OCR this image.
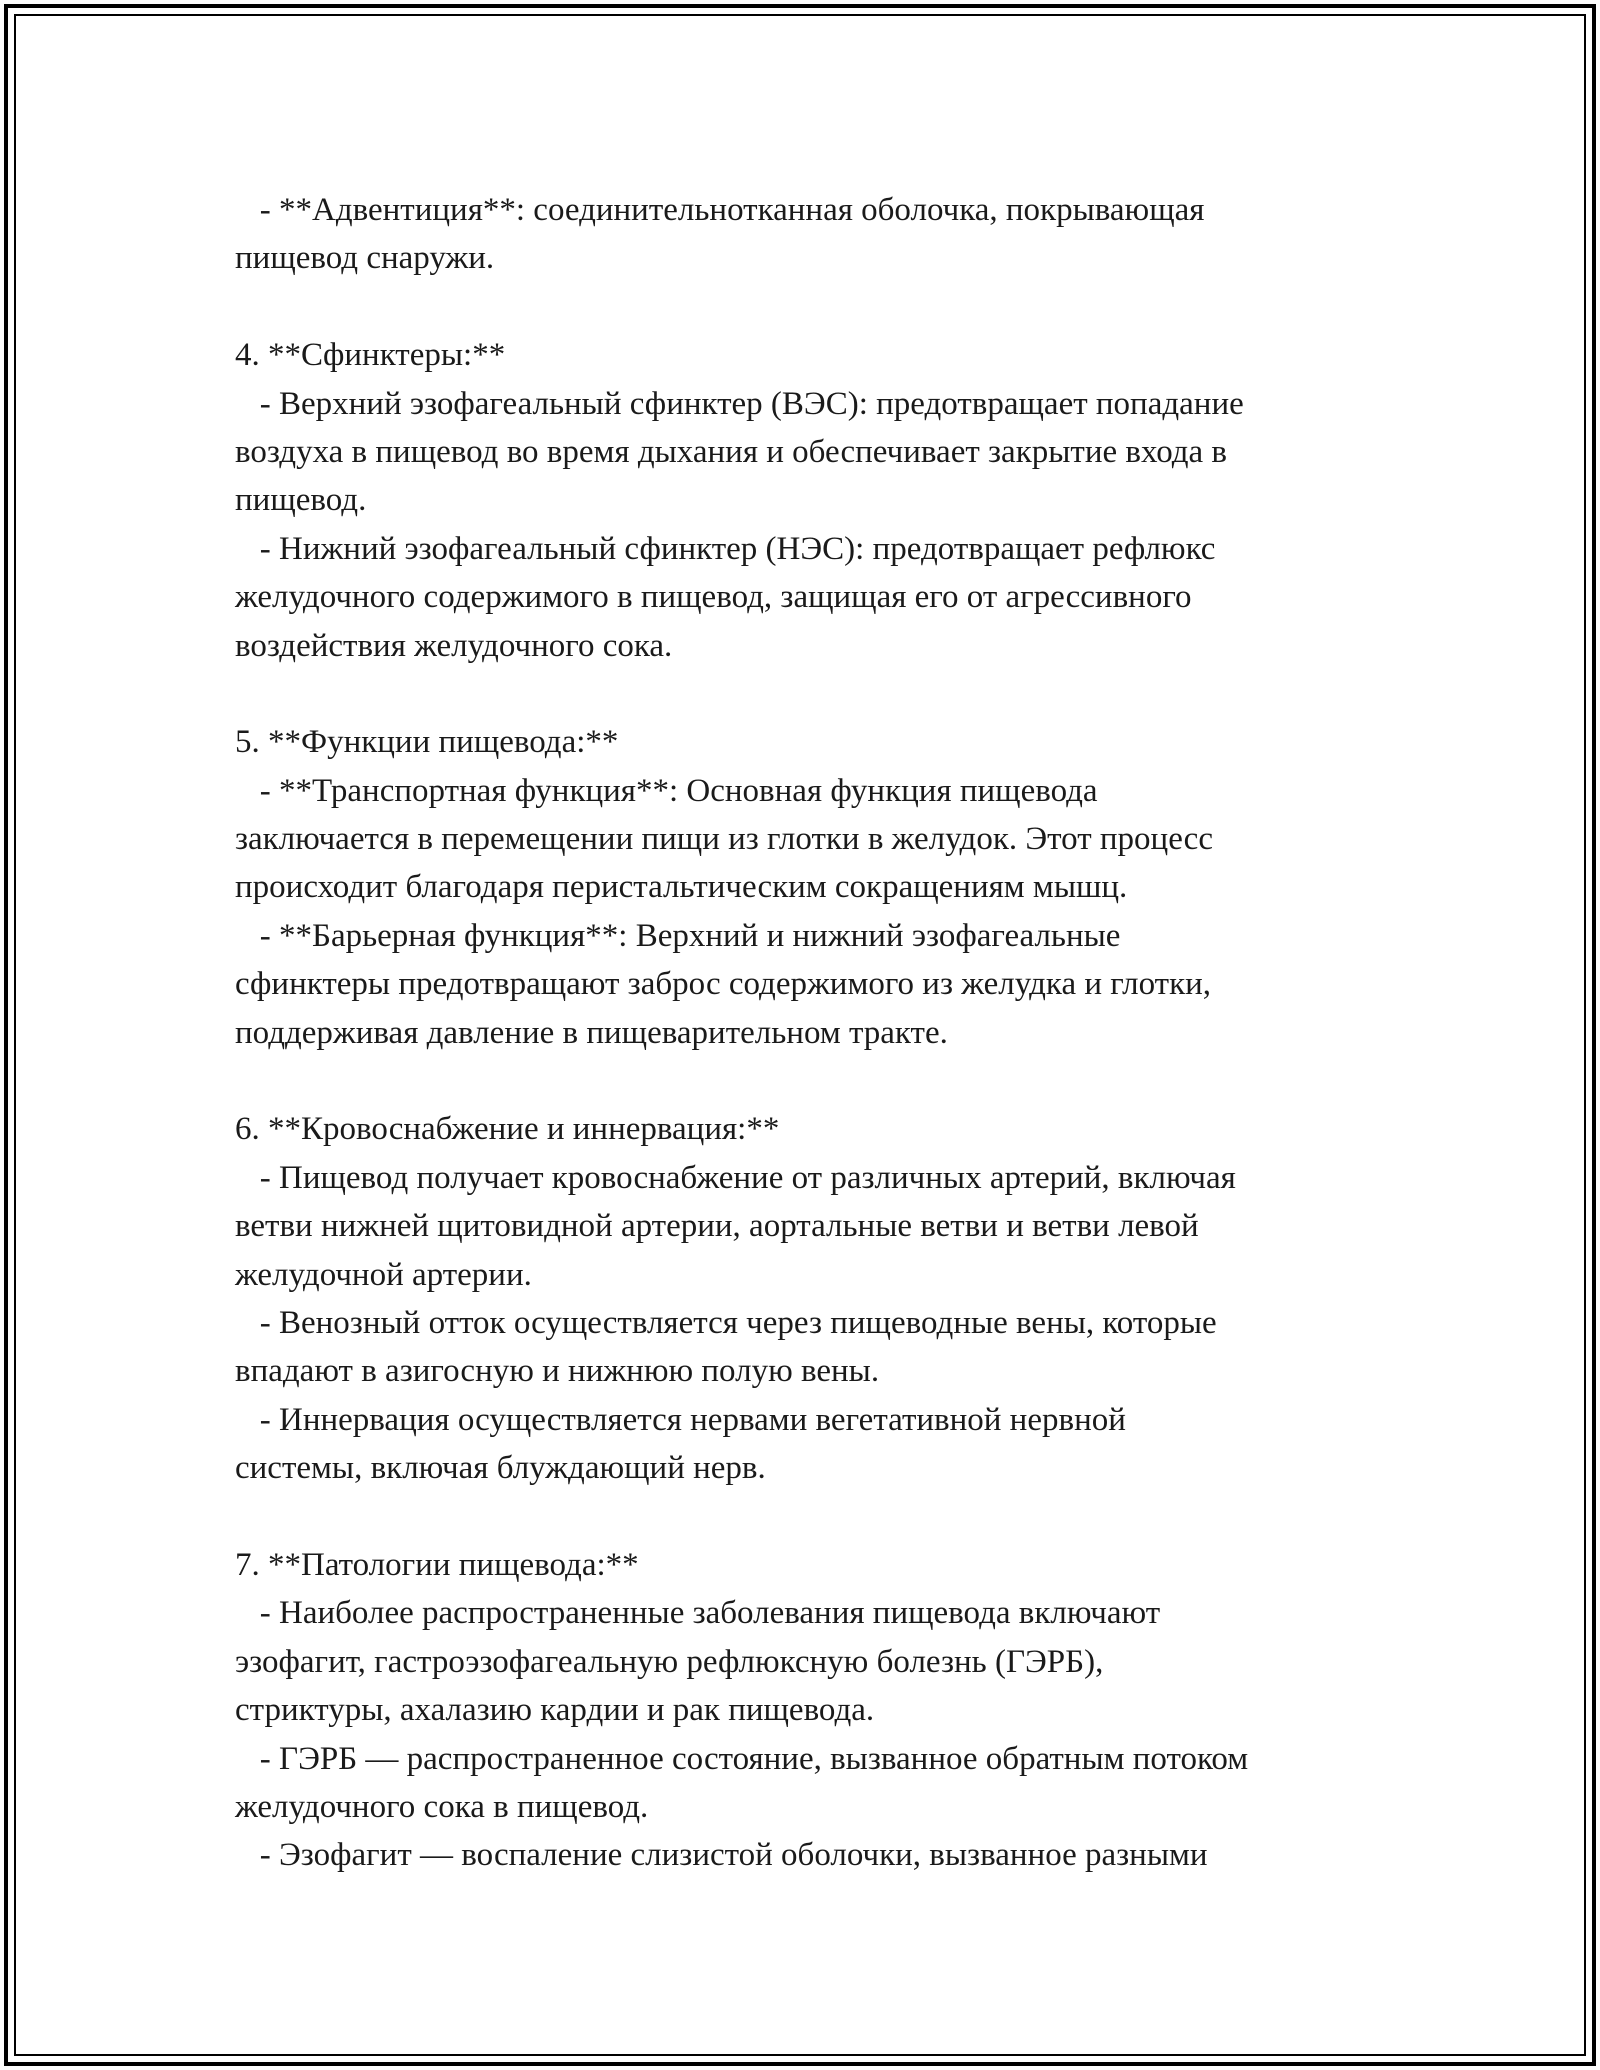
- **Адвентиция**: соединительнотканная оболочка, покрывающая
пищевод снаружи.
4. **Сфинктеры:**
- Верхний эзофагеальный сфинктер (ВЭС): предотвращает попадание
воздуха в пищевод во время дыхания и обеспечивает закрытие входа в
пищевод.
- Нижний эзофагеальный сфинктер (НЭС): предотвращает рефлюкс
желудочного содержимого в пищевод, защищая его от агрессивного
воздействия желудочного сока.
5. **Функции пищевода:**
- **Транспортная функция**: Основная функция пищевода
заключается в перемещении пищи из глотки в желудок. Этот процесс
происходит благодаря перистальтическим сокращениям мышц.
- **Барьерная функция**: Верхний и нижний эзофагеальные
сфинктеры предотвращают заброс содержимого из желудка и глотки,
поддерживая давление в пищеварительном тракте.
6. **Кровоснабжение и иннервация:**
- Пищевод получает кровоснабжение от различных артерий, включая
ветви нижней щитовидной артерии, аортальные ветви и ветви левой
желудочной артерии.
- Венозный отток осуществляется через пищеводные вены, которые
впадают в азигосную и нижнюю полую вены.
- Иннервация осуществляется нервами вегетативной нервной
системы, включая блуждающий нерв.
7. **Патологии пищевода:**
- Наиболее распространенные заболевания пищевода включают
эзофагит, гастроэзофагеальную рефлюксную болезнь (ГЭРБ),
стриктуры, ахалазию кардии и рак пищевода.
- ГЭРБ — распространенное состояние, вызванное обратным потоком
желудочного сока в пищевод.
- Эзофагит — воспаление слизистой оболочки, вызванное разными
